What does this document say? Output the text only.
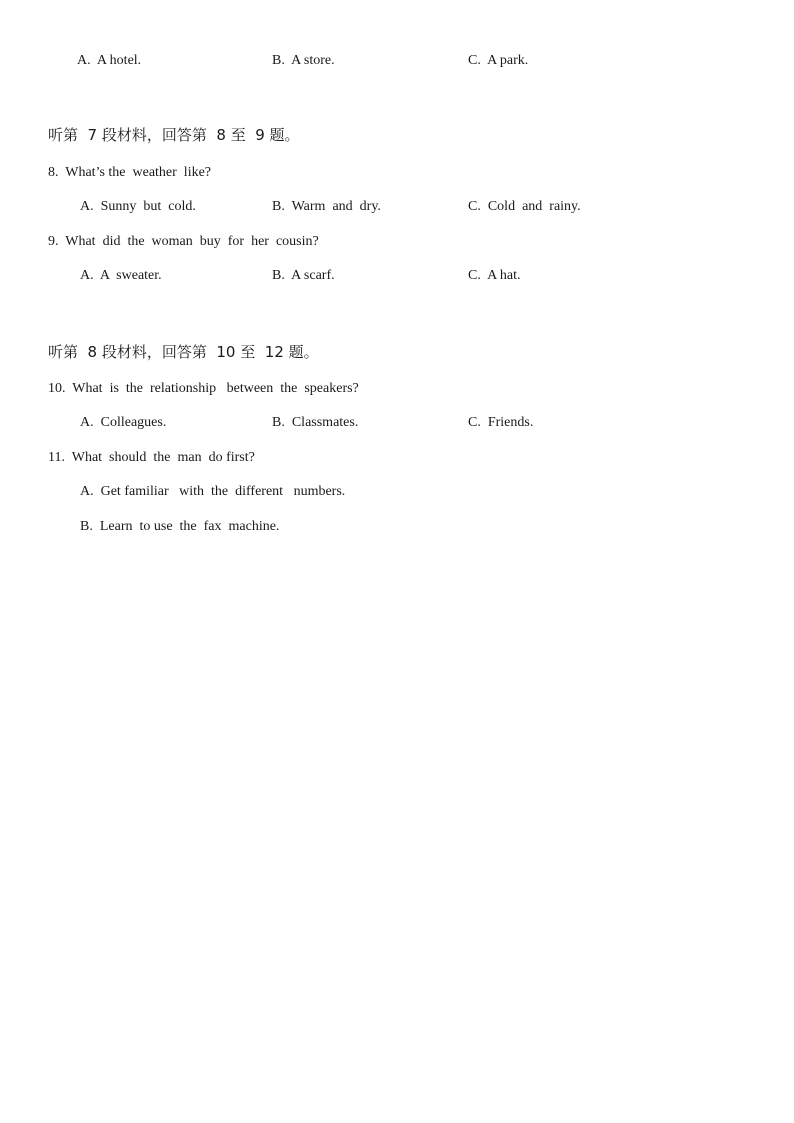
A.  A hotel.	B.  A store.	C.  A park.
听第  7 段材料，回答第  8 至  9 题。
8.  What’s the  weather  like?
A.  Sunny  but  cold.	B.  Warm  and  dry.	C.  Cold  and  rainy.
9.  What  did  the  woman  buy  for  her  cousin?
A.  A  sweater.	B.  A scarf.	C.  A hat.
听第  8 段材料，回答第  10 至  12 题。
10.  What  is  the  relationship   between  the  speakers?
A.  Colleagues.	B.  Classmates.	C.  Friends.
11.  What  should  the  man  do first?
A.  Get familiar   with  the  different   numbers.
B.  Learn  to use  the  fax  machine.
